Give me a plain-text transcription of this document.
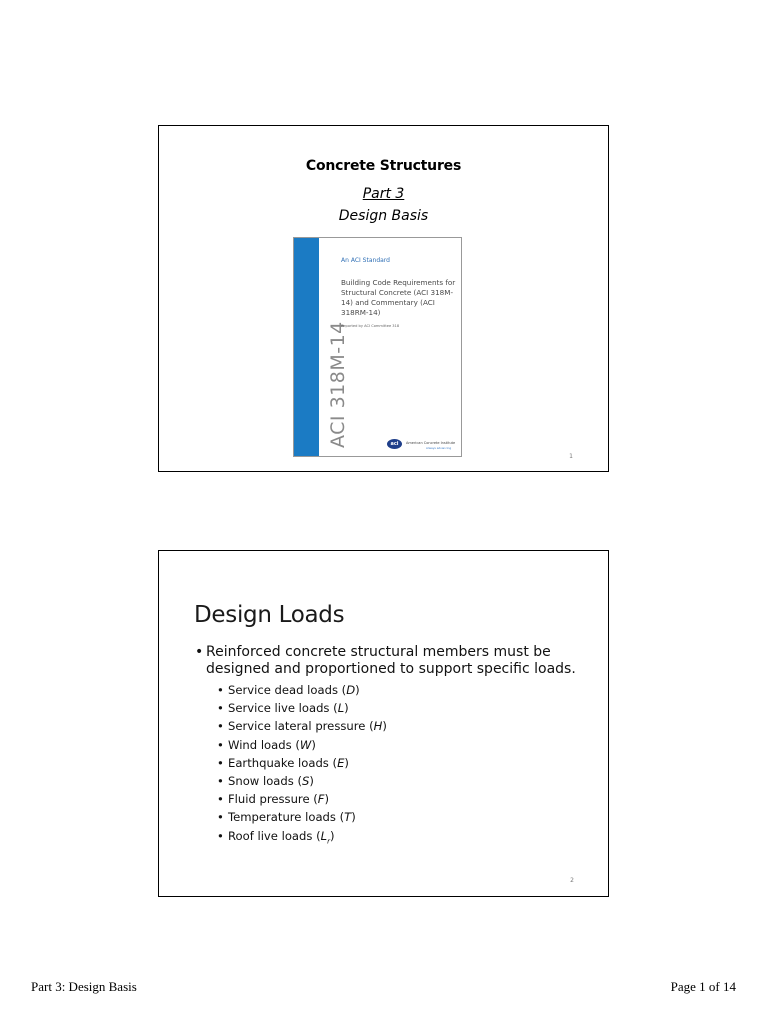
Concrete Structures
Part 3
Design Basis
ACI 318M-14
An ACI Standard
Building Code Requirements for Structural Concrete (ACI 318M-14) and Commentary (ACI 318RM-14)
Reported by ACI Committee 318
aci	American Concrete Institute
Always advancing
1
Design Loads
• Reinforced concrete structural members must be designed and proportioned to support specific loads.
• Service dead loads (D)
• Service live loads (L)
• Service lateral pressure (H)
• Wind loads (W)
• Earthquake loads (E)
• Snow loads (S)
• Fluid pressure (F)
• Temperature loads (T)
• Roof live loads $(L_r)$
2
Part 3: Design Basis	Page 1 of 14
